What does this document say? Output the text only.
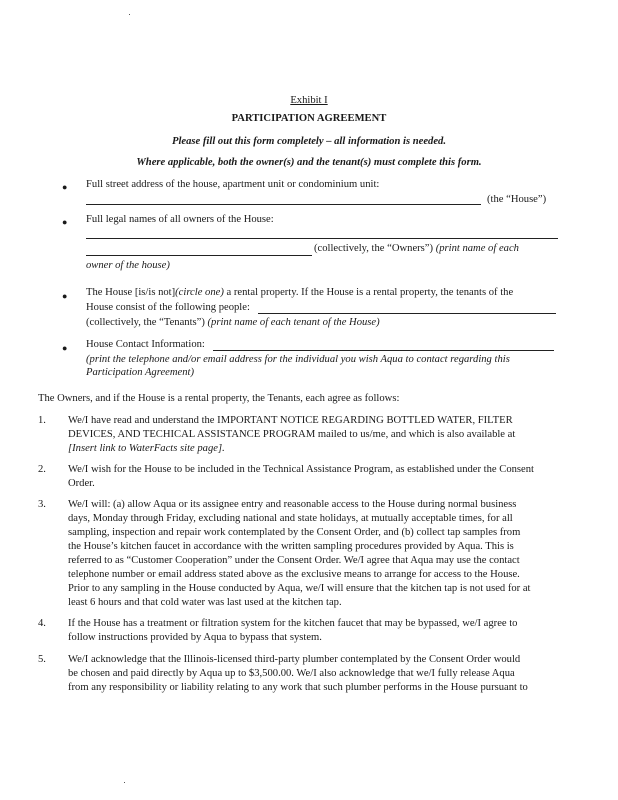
Exhibit I
PARTICIPATION AGREEMENT
Please fill out this form completely – all information is needed.
Where applicable, both the owner(s) and the tenant(s) must complete this form.
● Full street address of the house, apartment unit or condominium unit:
(the “House”)
● Full legal names of all owners of the House:
(collectively, the “Owners”) (print name of each
owner of the house)
● The House [is/is not](circle one) a rental property. If the House is a rental property, the tenants of the
House consist of the following people:
(collectively, the “Tenants”) (print name of each tenant of the House)
● House Contact Information:
(print the telephone and/or email address for the individual you wish Aqua to contact regarding this
Participation Agreement)
The Owners, and if the House is a rental property, the Tenants, each agree as follows:
1. We/I have read and understand the IMPORTANT NOTICE REGARDING BOTTLED WATER, FILTER
DEVICES, AND TECHICAL ASSISTANCE PROGRAM mailed to us/me, and which is also available at
[Insert link to WaterFacts site page].
2. We/I wish for the House to be included in the Technical Assistance Program, as established under the Consent
Order.
3. We/I will: (a) allow Aqua or its assignee entry and reasonable access to the House during normal business
days, Monday through Friday, excluding national and state holidays, at mutually acceptable times, for all
sampling, inspection and repair work contemplated by the Consent Order, and (b) collect tap samples from
the House’s kitchen faucet in accordance with the written sampling procedures provided by Aqua. This is
referred to as “Customer Cooperation” under the Consent Order. We/I agree that Aqua may use the contact
telephone number or email address stated above as the exclusive means to arrange for access to the House.
Prior to any sampling in the House conducted by Aqua, we/I will ensure that the kitchen tap is not used for at
least 6 hours and that cold water was last used at the kitchen tap.
4. If the House has a treatment or filtration system for the kitchen faucet that may be bypassed, we/I agree to
follow instructions provided by Aqua to bypass that system.
5. We/I acknowledge that the Illinois-licensed third-party plumber contemplated by the Consent Order would
be chosen and paid directly by Aqua up to $3,500.00. We/I also acknowledge that we/I fully release Aqua
from any responsibility or liability relating to any work that such plumber performs in the House pursuant to
